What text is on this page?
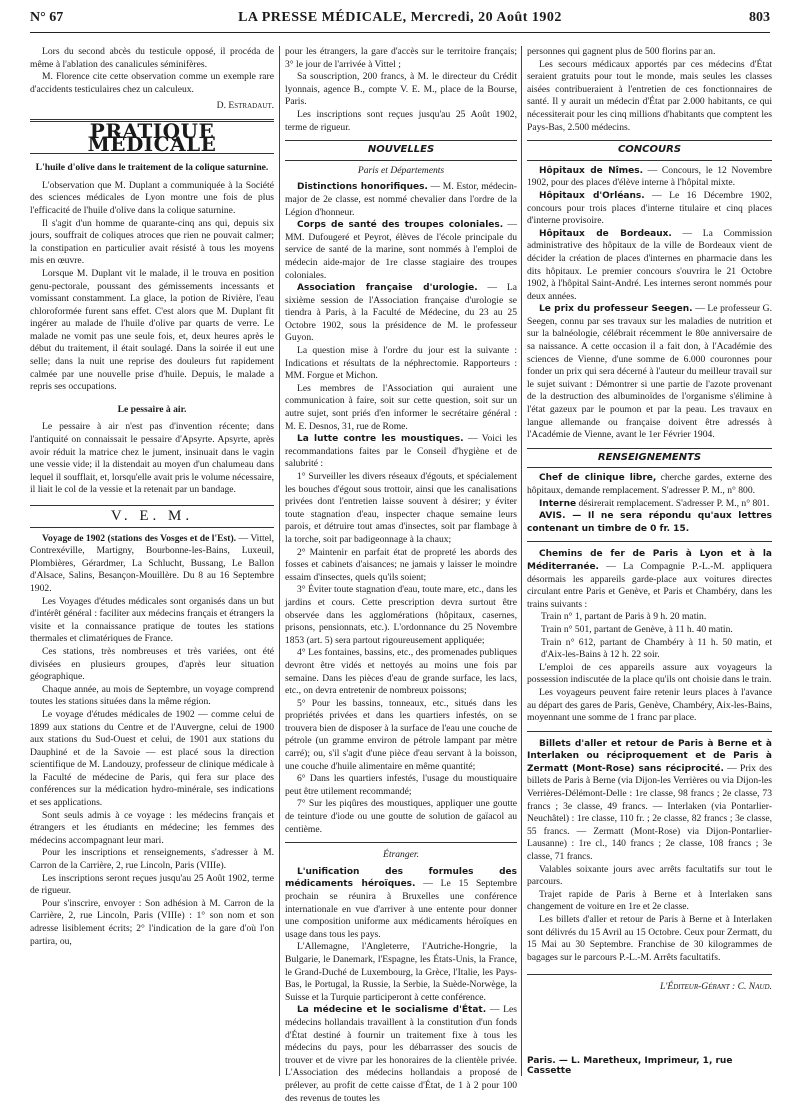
N° 67	LA PRESSE MÉDICALE, Mercredi, 20 Août 1902	803

Lors du second abcès du testicule opposé, il procéda de même à l'ablation des canalicules séminifères.

M. Florence cite cette observation comme un exemple rare d'accidents testiculaires chez un calculeux.

D. Estradaut.
PRATIQUE MÉDICALE
L'huile d'olive dans le traitement de la colique saturnine.

L'observation que M. Duplant a communiquée à la Société des sciences médicales de Lyon montre une fois de plus l'efficacité de l'huile d'olive dans la colique saturnine.

Il s'agit d'un homme de quarante-cinq ans qui, depuis six jours, souffrait de coliques atroces que rien ne pouvait calmer; la constipation en particulier avait résisté à tous les moyens mis en œuvre.

Lorsque M. Duplant vit le malade, il le trouva en position genu-pectorale, poussant des gémissements incessants et vomissant constamment. La glace, la potion de Rivière, l'eau chloroformée furent sans effet. C'est alors que M. Duplant fit ingérer au malade de l'huile d'olive par quarts de verre. Le malade ne vomit pas une seule fois, et, deux heures après le début du traitement, il était soulagé. Dans la soirée il eut une selle; dans la nuit une reprise des douleurs fut rapidement calmée par une nouvelle prise d'huile. Depuis, le malade a repris ses occupations.

Le pessaire à air.

Le pessaire à air n'est pas d'invention récente; dans l'antiquité on connaissait le pessaire d'Apsyrte. Apsyrte, après avoir réduit la matrice chez le jument, insinuait dans le vagin une vessie vide; il la distendait au moyen d'un chalumeau dans lequel il soufflait, et, lorsqu'elle avait pris le volume nécessaire, il liait le col de la vessie et la retenait par un bandage.

V. E. M.

Voyage de 1902 (stations des Vosges et de l'Est). — Vittel, Contrexéville, Martigny, Bourbonne-les-Bains, Luxeuil, Plombières, Gérardmer, La Schlucht, Bussang, Le Ballon d'Alsace, Salins, Besançon-Mouillère. Du 8 au 16 Septembre 1902.

Les Voyages d'études médicales sont organisés dans un but d'intérêt général : faciliter aux médecins français et étrangers la visite et la connaissance pratique de toutes les stations thermales et climatériques de France.

Ces stations, très nombreuses et très variées, ont été divisées en plusieurs groupes, d'après leur situation géographique.

Chaque année, au mois de Septembre, un voyage comprend toutes les stations situées dans la même région.

Le voyage d'études médicales de 1902 — comme celui de 1899 aux stations du Centre et de l'Auvergne, celui de 1900 aux stations du Sud-Ouest et celui, de 1901 aux stations du Dauphiné et de la Savoie — est placé sous la direction scientifique de M. Landouzy, professeur de clinique médicale à la Faculté de médecine de Paris, qui fera sur place des conférences sur la médication hydro-minérale, ses indications et ses applications.

Sont seuls admis à ce voyage : les médecins français et étrangers et les étudiants en médecine; les femmes des médecins accompagnant leur mari.

Pour les inscriptions et renseignements, s'adresser à M. Carron de la Carrière, 2, rue Lincoln, Paris (VIIIe).

Les inscriptions seront reçues jusqu'au 25 Août 1902, terme de rigueur.

Pour s'inscrire, envoyer : Son adhésion à M. Carron de la Carrière, 2, rue Lincoln, Paris (VIIIe) : 1° son nom et son adresse lisiblement écrits; 2° l'indication de la gare d'où l'on partira, ou,

pour les étrangers, la gare d'accès sur le territoire français; 3° le jour de l'arrivée à Vittel ;

Sa souscription, 200 francs, à M. le directeur du Crédit lyonnais, agence B., compte V. E. M., place de la Bourse, Paris.

Les inscriptions sont reçues jusqu'au 25 Août 1902, terme de rigueur.

NOUVELLES
Paris et Départements

Distinctions honorifiques. — M. Estor, médecin-major de 2e classe, est nommé chevalier dans l'ordre de la Légion d'honneur.

Corps de santé des troupes coloniales. — MM. Dufougeré et Peyrot, élèves de l'école principale du service de santé de la marine, sont nommés à l'emploi de médecin aide-major de 1re classe stagiaire des troupes coloniales.

Association française d'urologie. — La sixième session de l'Association française d'urologie se tiendra à Paris, à la Faculté de Médecine, du 23 au 25 Octobre 1902, sous la présidence de M. le professeur Guyon.

La question mise à l'ordre du jour est la suivante : Indications et résultats de la néphrectomie. Rapporteurs : MM. Forgue et Michon.

Les membres de l'Association qui auraient une communication à faire, soit sur cette question, soit sur un autre sujet, sont priés d'en informer le secrétaire général : M. E. Desnos, 31, rue de Rome.

La lutte contre les moustiques. — Voici les recommandations faites par le Conseil d'hygiène et de salubrité :

1° Surveiller les divers réseaux d'égouts, et spécialement les bouches d'égout sous trottoir, ainsi que les canalisations privées dont l'entretien laisse souvent à désirer; y éviter toute stagnation d'eau, inspecter chaque semaine leurs parois, et détruire tout amas d'insectes, soit par flambage à la torche, soit par badigeonnage à la chaux;

2° Maintenir en parfait état de propreté les abords des fosses et cabinets d'aisances; ne jamais y laisser le moindre essaim d'insectes, quels qu'ils soient;

3° Éviter toute stagnation d'eau, toute mare, etc., dans les jardins et cours. Cette prescription devra surtout être observée dans les agglomérations (hôpitaux, casernes, prisons, pensionnats, etc.). L'ordonnance du 25 Novembre 1853 (art. 5) sera partout rigoureusement appliquée;

4° Les fontaines, bassins, etc., des promenades publiques devront être vidés et nettoyés au moins une fois par semaine. Dans les pièces d'eau de grande surface, les lacs, etc., on devra entretenir de nombreux poissons;

5° Pour les bassins, tonneaux, etc., situés dans les propriétés privées et dans les quartiers infestés, on se trouvera bien de disposer à la surface de l'eau une couche de pétrole (un gramme environ de pétrole lampant par mètre carré); ou, s'il s'agit d'une pièce d'eau servant à la boisson, une couche d'huile alimentaire en même quantité;

6° Dans les quartiers infestés, l'usage du moustiquaire peut être utilement recommandé;

7° Sur les piqûres des moustiques, appliquer une goutte de teinture d'iode ou une goutte de solution de gaïacol au centième.

Étranger.

L'unification des formules des médicaments héroïques. — Le 15 Septembre prochain se réunira à Bruxelles une conférence internationale en vue d'arriver à une entente pour donner une composition uniforme aux médicaments héroïques en usage dans tous les pays.

L'Allemagne, l'Angleterre, l'Autriche-Hongrie, la Bulgarie, le Danemark, l'Espagne, les États-Unis, la France, le Grand-Duché de Luxembourg, la Grèce, l'Italie, les Pays-Bas, le Portugal, la Russie, la Serbie, la Suède-Norwège, la Suisse et la Turquie participeront à cette conférence.

La médecine et le socialisme d'État. — Les médecins hollandais travaillent à la constitution d'un fonds d'État destiné à fournir un traitement fixe à tous les médecins du pays, pour les débarrasser des soucis de trouver et de vivre par les honoraires de la clientèle privée. L'Association des médecins hollandais a proposé de prélever, au profit de cette caisse d'État, de 1 à 2 pour 100 des revenus de toutes les

personnes qui gagnent plus de 500 florins par an.

Les secours médicaux apportés par ces médecins d'État seraient gratuits pour tout le monde, mais seules les classes aisées contribueraient à l'entretien de ces fonctionnaires de santé. Il y aurait un médecin d'État par 2.000 habitants, ce qui nécessiterait pour les cinq millions d'habitants que comptent les Pays-Bas, 2.500 médecins.

CONCOURS

Hôpitaux de Nîmes. — Concours, le 12 Novembre 1902, pour des places d'élève interne à l'hôpital mixte.

Hôpitaux d'Orléans. — Le 16 Décembre 1902, concours pour trois places d'interne titulaire et cinq places d'interne provisoire.

Hôpitaux de Bordeaux. — La Commission administrative des hôpitaux de la ville de Bordeaux vient de décider la création de places d'internes en pharmacie dans les dits hôpitaux. Le premier concours s'ouvrira le 21 Octobre 1902, à l'hôpital Saint-André. Les internes seront nommés pour deux années.

Le prix du professeur Seegen. — Le professeur G. Seegen, connu par ses travaux sur les maladies de nutrition et sur la balnéologie, célébrait récemment le 80e anniversaire de sa naissance. A cette occasion il a fait don, à l'Académie des sciences de Vienne, d'une somme de 6.000 couronnes pour fonder un prix qui sera décerné à l'auteur du meilleur travail sur le sujet suivant : Démontrer si une partie de l'azote provenant de la destruction des albuminoïdes de l'organisme s'élimine à l'état gazeux par le poumon et par la peau. Les travaux en langue allemande ou française doivent être adressés à l'Académie de Vienne, avant le 1er Février 1904.

RENSEIGNEMENTS

Chef de clinique libre, cherche gardes, externe des hôpitaux, demande remplacement. S'adresser P. M., n° 800.

Interne désirerait remplacement. S'adresser P. M., n° 801.

AVIS. — Il ne sera répondu qu'aux lettres contenant un timbre de 0 fr. 15.

Chemins de fer de Paris à Lyon et à la Méditerranée. — La Compagnie P.-L.-M. appliquera désormais les appareils garde-place aux voitures directes circulant entre Paris et Genève, et Paris et Chambéry, dans les trains suivants :

Train n° 1, partant de Paris à 9 h. 20 matin.

Train n° 501, partant de Genève, à 11 h. 40 matin.

Train n° 612, partant de Chambéry à 11 h. 50 matin, et d'Aix-les-Bains à 12 h. 22 soir.

L'emploi de ces appareils assure aux voyageurs la possession indiscutée de la place qu'ils ont choisie dans le train.

Les voyageurs peuvent faire retenir leurs places à l'avance au départ des gares de Paris, Genève, Chambéry, Aix-les-Bains, moyennant une somme de 1 franc par place.

Billets d'aller et retour de Paris à Berne et à Interlaken ou réciproquement et de Paris à Zermatt (Mont-Rose) sans réciprocité. — Prix des billets de Paris à Berne (via Dijon-les Verrières ou via Dijon-les Verrières-Délémont-Delle : 1re classe, 98 francs ; 2e classe, 73 francs ; 3e classe, 49 francs. — Interlaken (via Pontarlier-Neuchâtel) : 1re classe, 110 fr. ; 2e classe, 82 francs ; 3e classe, 55 francs. — Zermatt (Mont-Rose) via Dijon-Pontarlier-Lausanne) : 1re cl., 140 francs ; 2e classe, 108 francs ; 3e classe, 71 francs.

Valables soixante jours avec arrêts facultatifs sur tout le parcours.

Trajet rapide de Paris à Berne et à Interlaken sans changement de voiture en 1re et 2e classe.

Les billets d'aller et retour de Paris à Berne et à Interlaken sont délivrés du 15 Avril au 15 Octobre. Ceux pour Zermatt, du 15 Mai au 30 Septembre. Franchise de 30 kilogrammes de bagages sur le parcours P.-L.-M. Arrêts facultatifs.

L'Éditeur-Gérant : C. Naud.
Paris. — L. Maretheux, Imprimeur, 1, rue Cassette
